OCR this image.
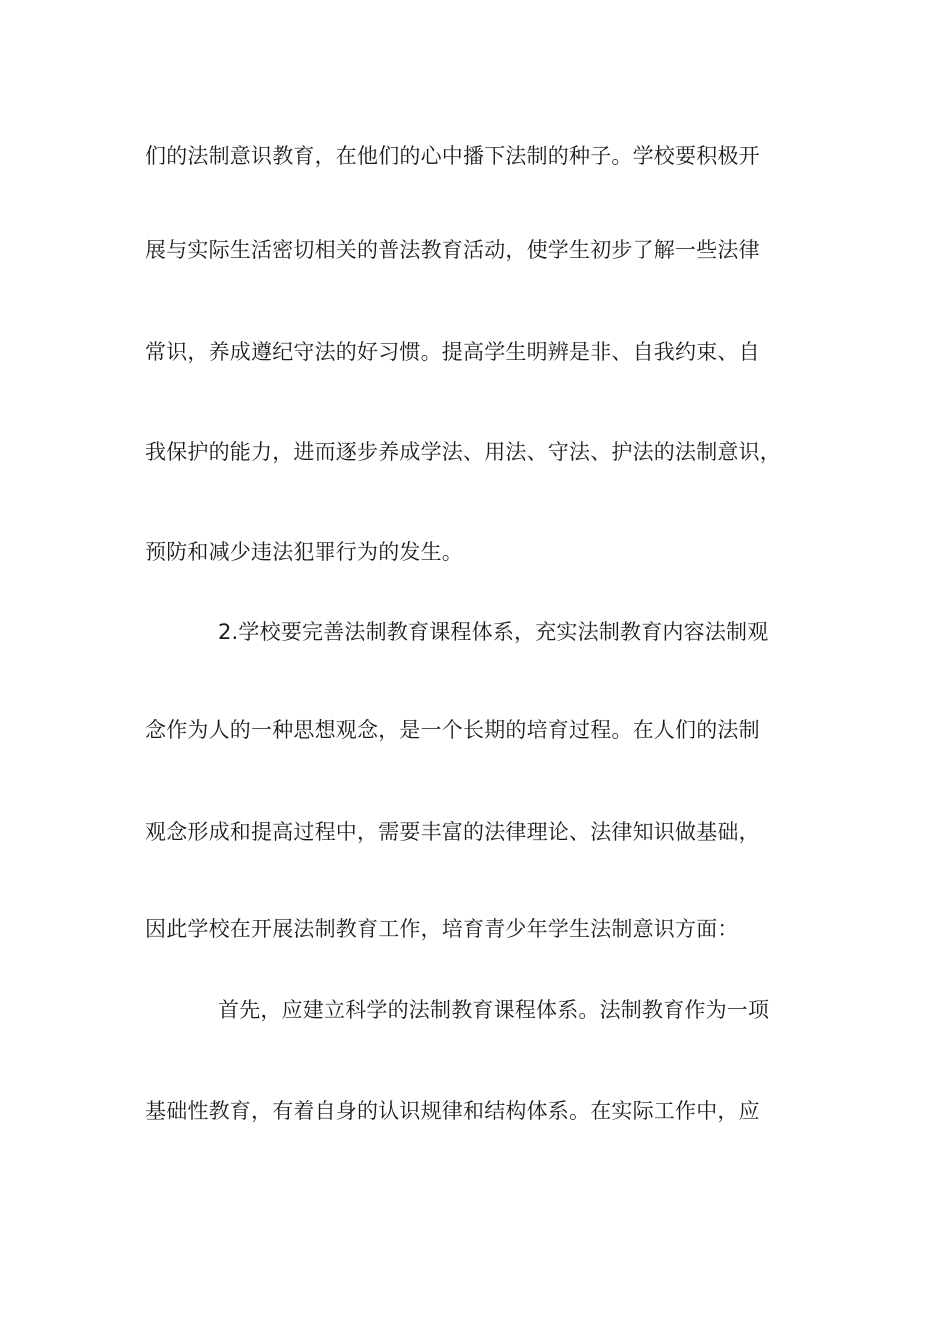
们的法制意识教育，在他们的心中播下法制的种子。学校要积极开
展与实际生活密切相关的普法教育活动，使学生初步了解一些法律
常识，养成遵纪守法的好习惯。提高学生明辨是非、自我约束、自
我保护的能力，进而逐步养成学法、用法、守法、护法的法制意识，
预防和减少违法犯罪行为的发生。
2.学校要完善法制教育课程体系，充实法制教育内容法制观
念作为人的一种思想观念，是一个长期的培育过程。在人们的法制
观念形成和提高过程中，需要丰富的法律理论、法律知识做基础，
因此学校在开展法制教育工作，培育青少年学生法制意识方面：
首先，应建立科学的法制教育课程体系。法制教育作为一项
基础性教育，有着自身的认识规律和结构体系。在实际工作中，应
